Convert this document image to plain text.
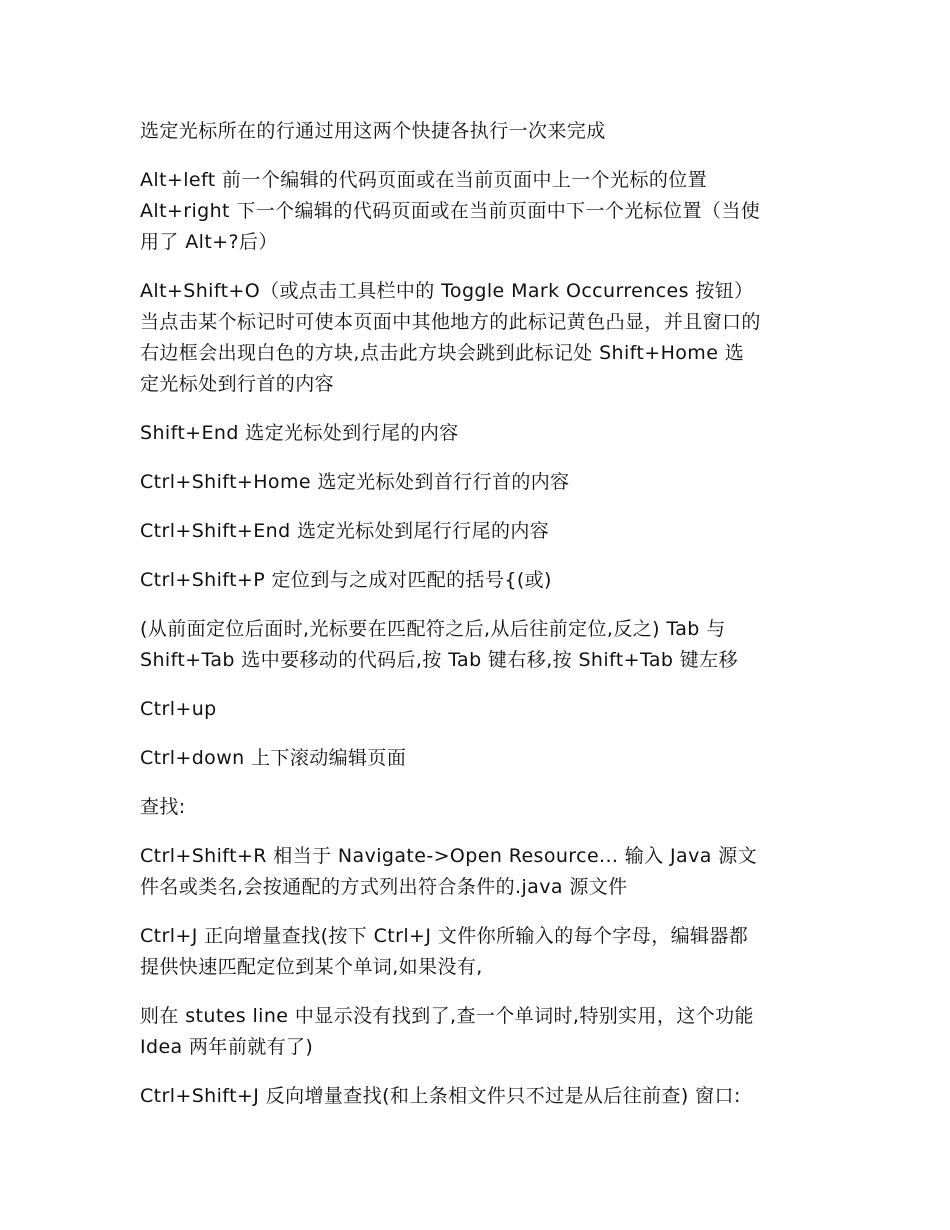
选定光标所在的行通过用这两个快捷各执行一次来完成

Alt+left 前一个编辑的代码页面或在当前页面中上一个光标的位置
Alt+right 下一个编辑的代码页面或在当前页面中下一个光标位置（当使
用了 Alt+?后）

Alt+Shift+O（或点击工具栏中的 Toggle Mark Occurrences 按钮）
当点击某个标记时可使本页面中其他地方的此标记黄色凸显，并且窗口的
右边框会出现白色的方块,点击此方块会跳到此标记处 Shift+Home 选
定光标处到行首的内容

Shift+End 选定光标处到行尾的内容

Ctrl+Shift+Home 选定光标处到首行行首的内容

Ctrl+Shift+End 选定光标处到尾行行尾的内容

Ctrl+Shift+P 定位到与之成对匹配的括号{(或)

(从前面定位后面时,光标要在匹配符之后,从后往前定位,反之) Tab 与
Shift+Tab 选中要移动的代码后,按 Tab 键右移,按 Shift+Tab 键左移

Ctrl+up

Ctrl+down 上下滚动编辑页面

查找:

Ctrl+Shift+R 相当于 Navigate->Open Resource... 输入 Java 源文
件名或类名,会按通配的方式列出符合条件的.java 源文件

Ctrl+J 正向增量查找(按下 Ctrl+J 文件你所输入的每个字母，编辑器都
提供快速匹配定位到某个单词,如果没有,

则在 stutes line 中显示没有找到了,查一个单词时,特别实用，这个功能
Idea 两年前就有了)

Ctrl+Shift+J 反向增量查找(和上条相文件只不过是从后往前查) 窗口:
